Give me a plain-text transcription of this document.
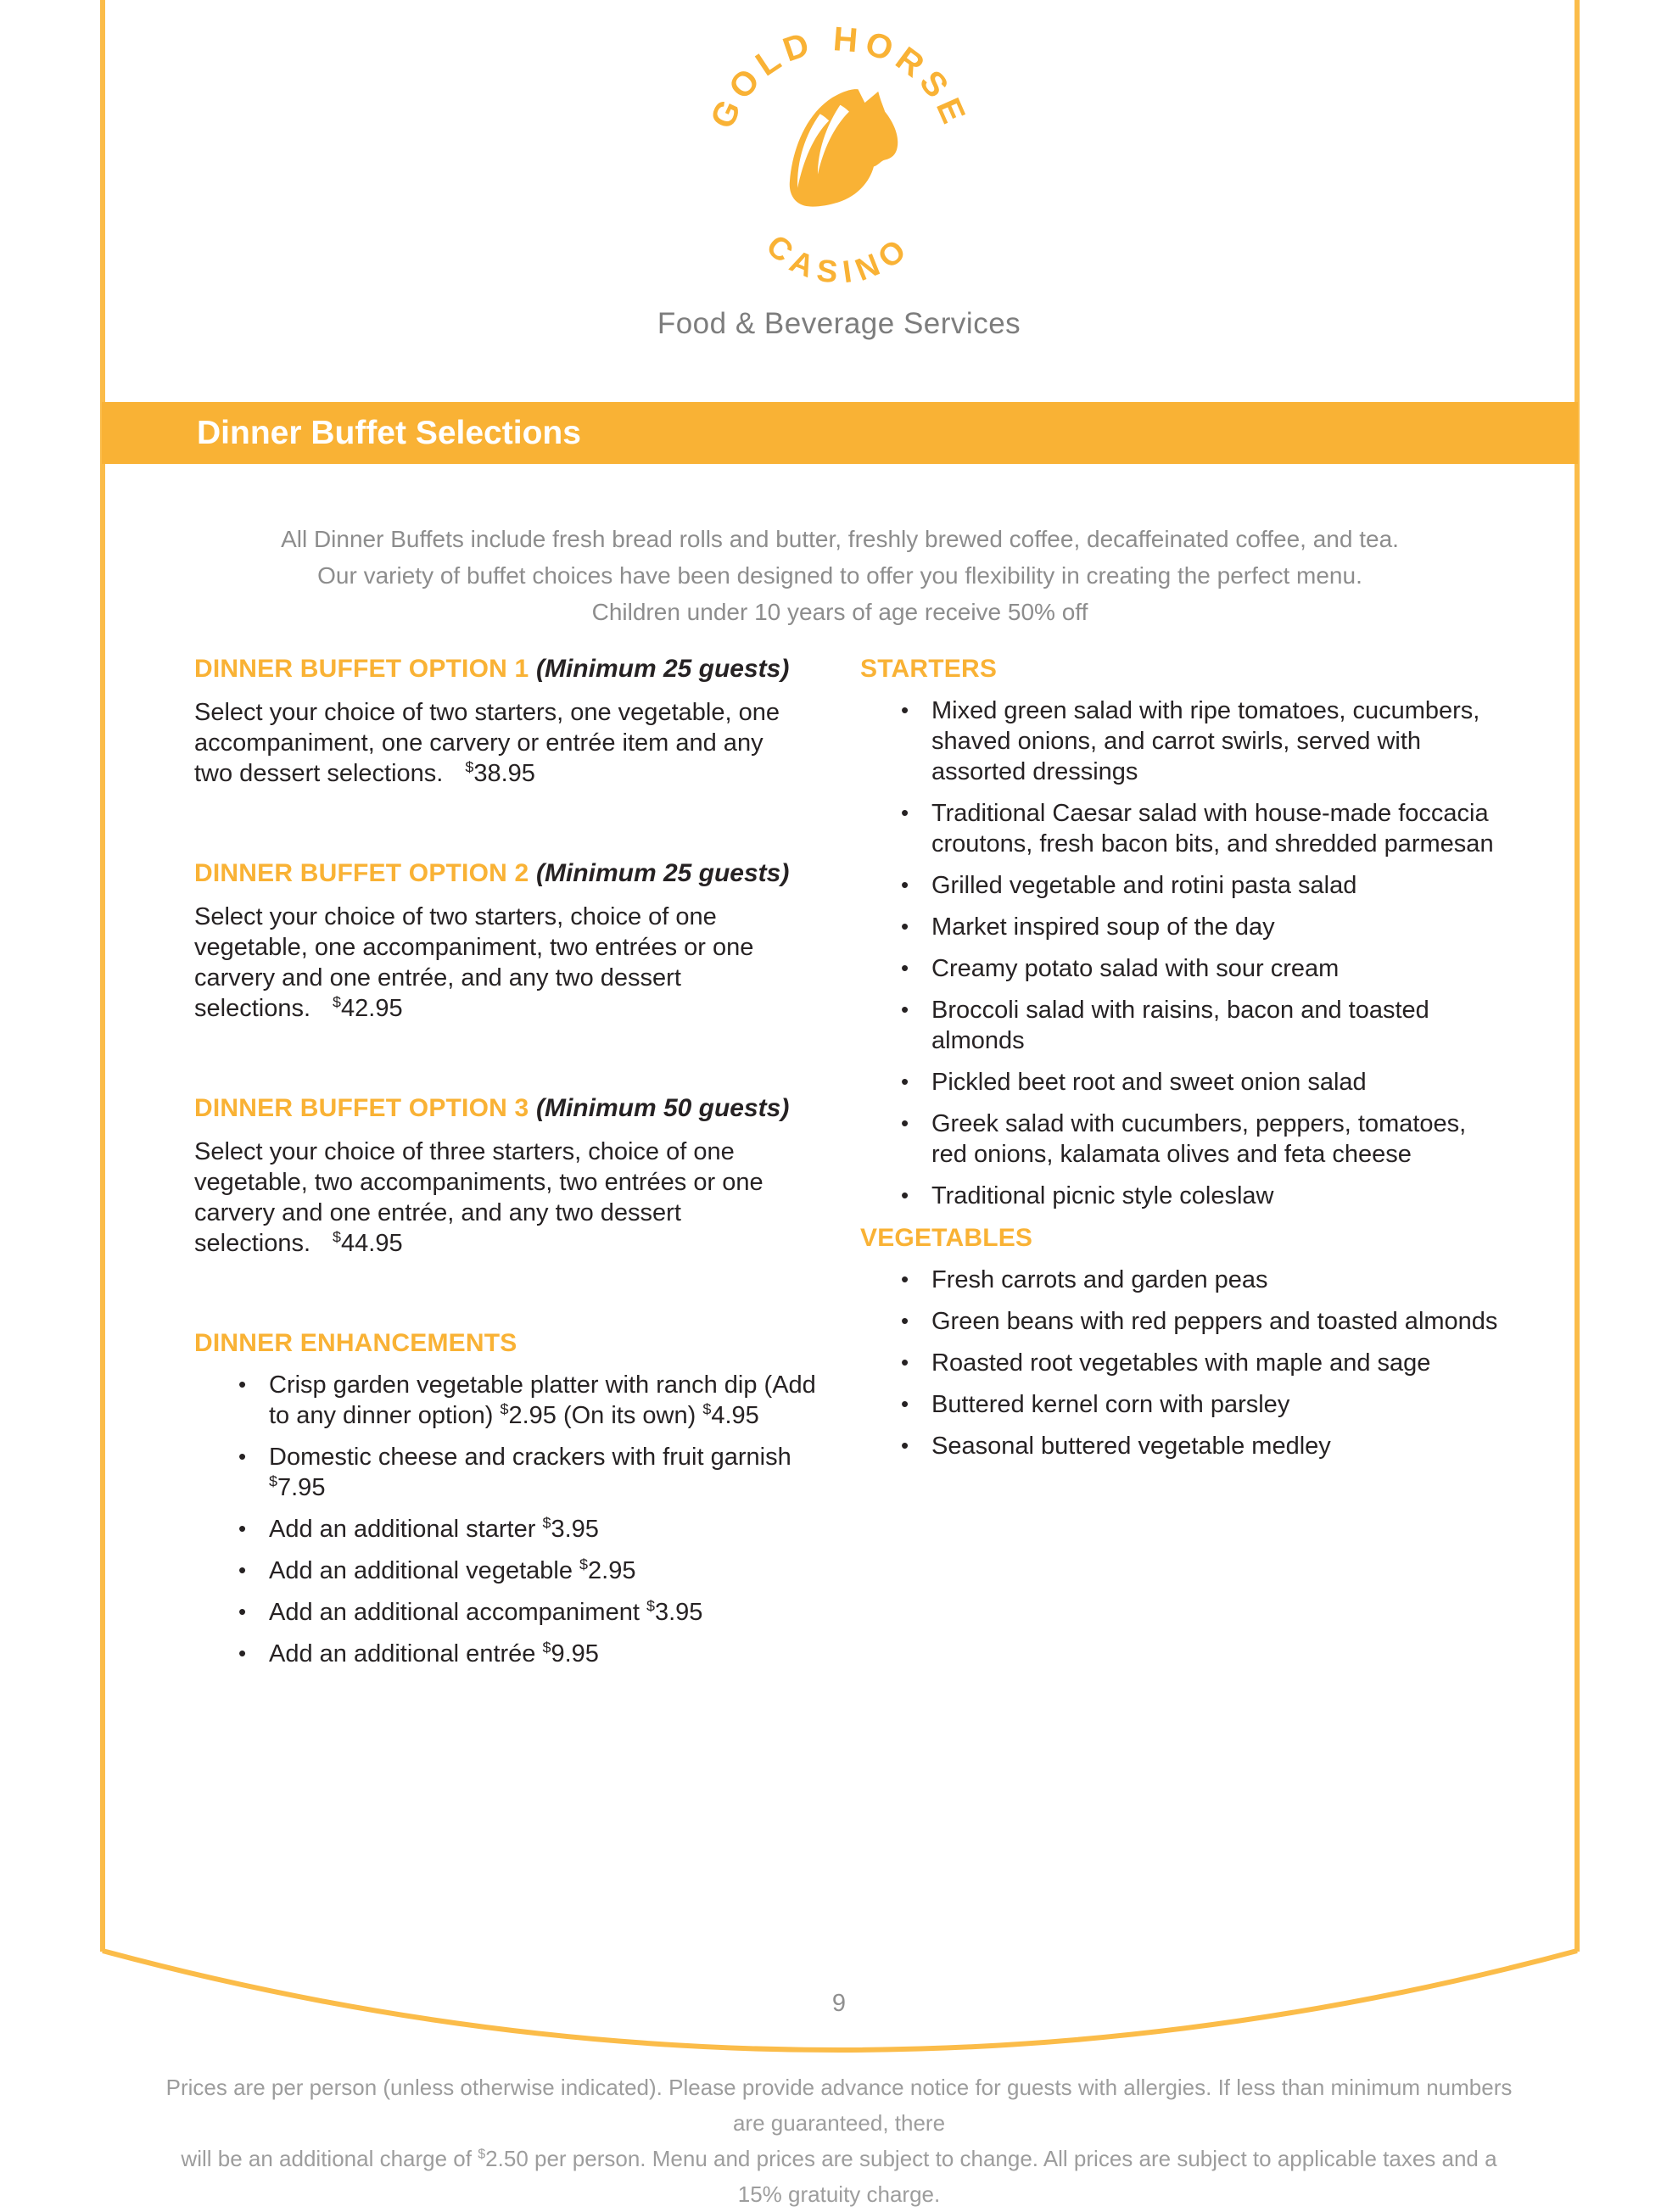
GOLD HORSE
CASINO
Food & Beverage Services
Dinner Buffet Selections
All Dinner Buffets include fresh bread rolls and butter, freshly brewed coffee, decaffeinated coffee, and tea.
Our variety of buffet choices have been designed to offer you flexibility in creating the perfect menu.
Children under 10 years of age receive 50% off
DINNER BUFFET OPTION 1 (Minimum 25 guests)

Select your choice of two starters, one vegetable, one accompaniment, one carvery or entrée item and any two dessert selections. $38.95

DINNER BUFFET OPTION 2 (Minimum 25 guests)

Select your choice of two starters, choice of one vegetable, one accompaniment, two entrées or one carvery and one entrée, and any two dessert selections. $42.95

DINNER BUFFET OPTION 3 (Minimum 50 guests)

Select your choice of three starters, choice of one vegetable, two accompaniments, two entrées or one carvery and one entrée, and any two dessert selections. $44.95

DINNER ENHANCEMENTS
• Crisp garden vegetable platter with ranch dip (Add to any dinner option) $2.95 (On its own) $4.95
• Domestic cheese and crackers with fruit garnish $7.95
• Add an additional starter $3.95
• Add an additional vegetable $2.95
• Add an additional accompaniment $3.95
• Add an additional entrée $9.95
STARTERS
• Mixed green salad with ripe tomatoes, cucumbers, shaved onions, and carrot swirls, served with assorted dressings
• Traditional Caesar salad with house-made foccacia croutons, fresh bacon bits, and shredded parmesan
• Grilled vegetable and rotini pasta salad
• Market inspired soup of the day
• Creamy potato salad with sour cream
• Broccoli salad with raisins, bacon and toasted almonds
• Pickled beet root and sweet onion salad
• Greek salad with cucumbers, peppers, tomatoes, red onions, kalamata olives and feta cheese
• Traditional picnic style coleslaw
VEGETABLES
• Fresh carrots and garden peas
• Green beans with red peppers and toasted almonds
• Roasted root vegetables with maple and sage
• Buttered kernel corn with parsley
• Seasonal buttered vegetable medley
9
Prices are per person (unless otherwise indicated). Please provide advance notice for guests with allergies. If less than minimum numbers are guaranteed, there
will be an additional charge of $2.50 per person. Menu and prices are subject to change. All prices are subject to applicable taxes and a 15% gratuity charge.
